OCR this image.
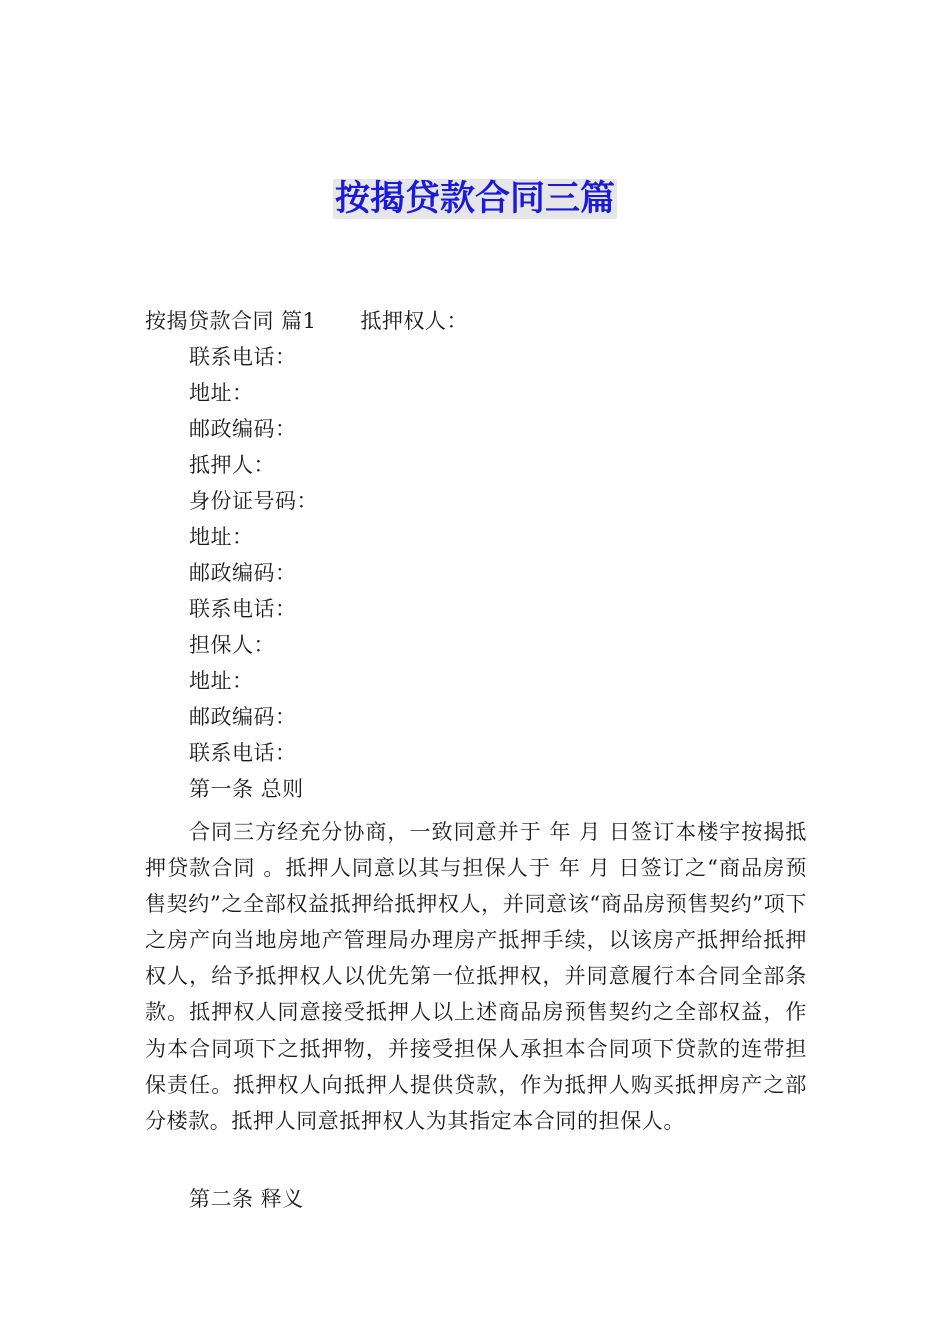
按揭贷款合同三篇
按揭贷款合同 篇1 抵押权人：
联系电话：
地址：
邮政编码：
抵押人：
身份证号码：
地址：
邮政编码：
联系电话：
担保人：
地址：
邮政编码：
联系电话：
第一条 总则
合同三方经充分协商，一致同意并于 年 月 日签订本楼宇按揭抵押贷款合同 。抵押人同意以其与担保人于 年 月 日签订之“商品房预售契约”之全部权益抵押给抵押权人，并同意该“商品房预售契约”项下之房产向当地房地产管理局办理房产抵押手续，以该房产抵押给抵押权人，给予抵押权人以优先第一位抵押权，并同意履行本合同全部条款。抵押权人同意接受抵押人以上述商品房预售契约之全部权益，作为本合同项下之抵押物，并接受担保人承担本合同项下贷款的连带担保责任。抵押权人向抵押人提供贷款，作为抵押人购买抵押房产之部分楼款。抵押人同意抵押权人为其指定本合同的担保人。
第二条 释义
